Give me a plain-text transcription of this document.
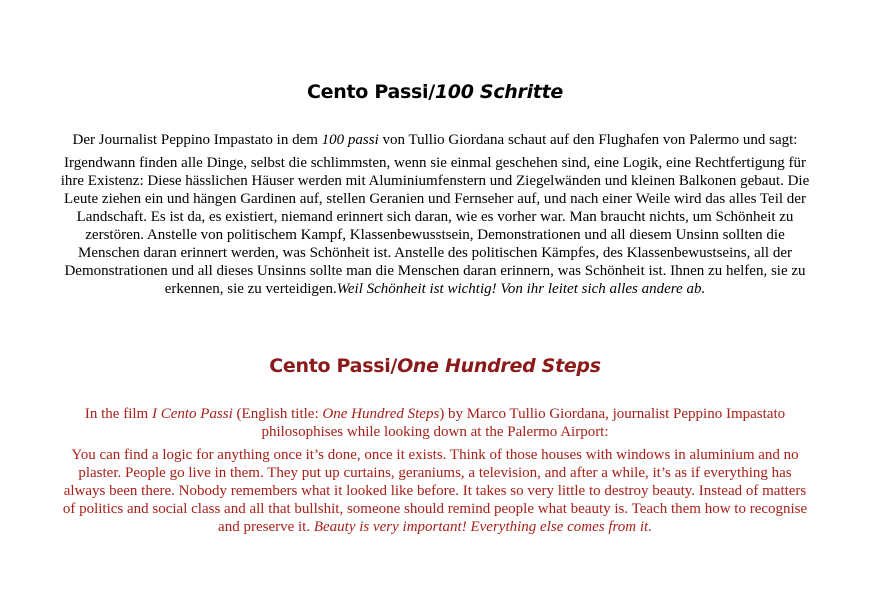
Cento Passi/100 Schritte

Der Journalist Peppino Impastato in dem 100 passi von Tullio Giordana schaut auf den Flughafen von Palermo und sagt:

Irgendwann finden alle Dinge, selbst die schlimmsten, wenn sie einmal geschehen sind, eine Logik, eine Rechtfertigung für ihre Existenz: Diese hässlichen Häuser werden mit Aluminiumfenstern und Ziegelwänden und kleinen Balkonen gebaut. Die Leute ziehen ein und hängen Gardinen auf, stellen Geranien und Fernseher auf, und nach einer Weile wird das alles Teil der Landschaft. Es ist da, es existiert, niemand erinnert sich daran, wie es vorher war. Man braucht nichts, um Schönheit zu zerstören. Anstelle von politischem Kampf, Klassenbewusstsein, Demonstrationen und all diesem Unsinn sollten die Menschen daran erinnert werden, was Schönheit ist. Anstelle des politischen Kämpfes, des Klassenbewustseins, all der Demonstrationen und all dieses Unsinns sollte man die Menschen daran erinnern, was Schönheit ist. Ihnen zu helfen, sie zu erkennen, sie zu verteidigen.Weil Schönheit ist wichtig! Von ihr leitet sich alles andere ab.

Cento Passi/One Hundred Steps

In the film I Cento Passi (English title: One Hundred Steps) by Marco Tullio Giordana, journalist Peppino Impastato philosophises while looking down at the Palermo Airport:

You can find a logic for anything once it’s done, once it exists. Think of those houses with windows in aluminium and no plaster. People go live in them. They put up curtains, geraniums, a television, and after a while, it’s as if everything has always been there. Nobody remembers what it looked like before. It takes so very little to destroy beauty. Instead of matters of politics and social class and all that bullshit, someone should remind people what beauty is. Teach them how to recognise and preserve it. Beauty is very important! Everything else comes from it.
